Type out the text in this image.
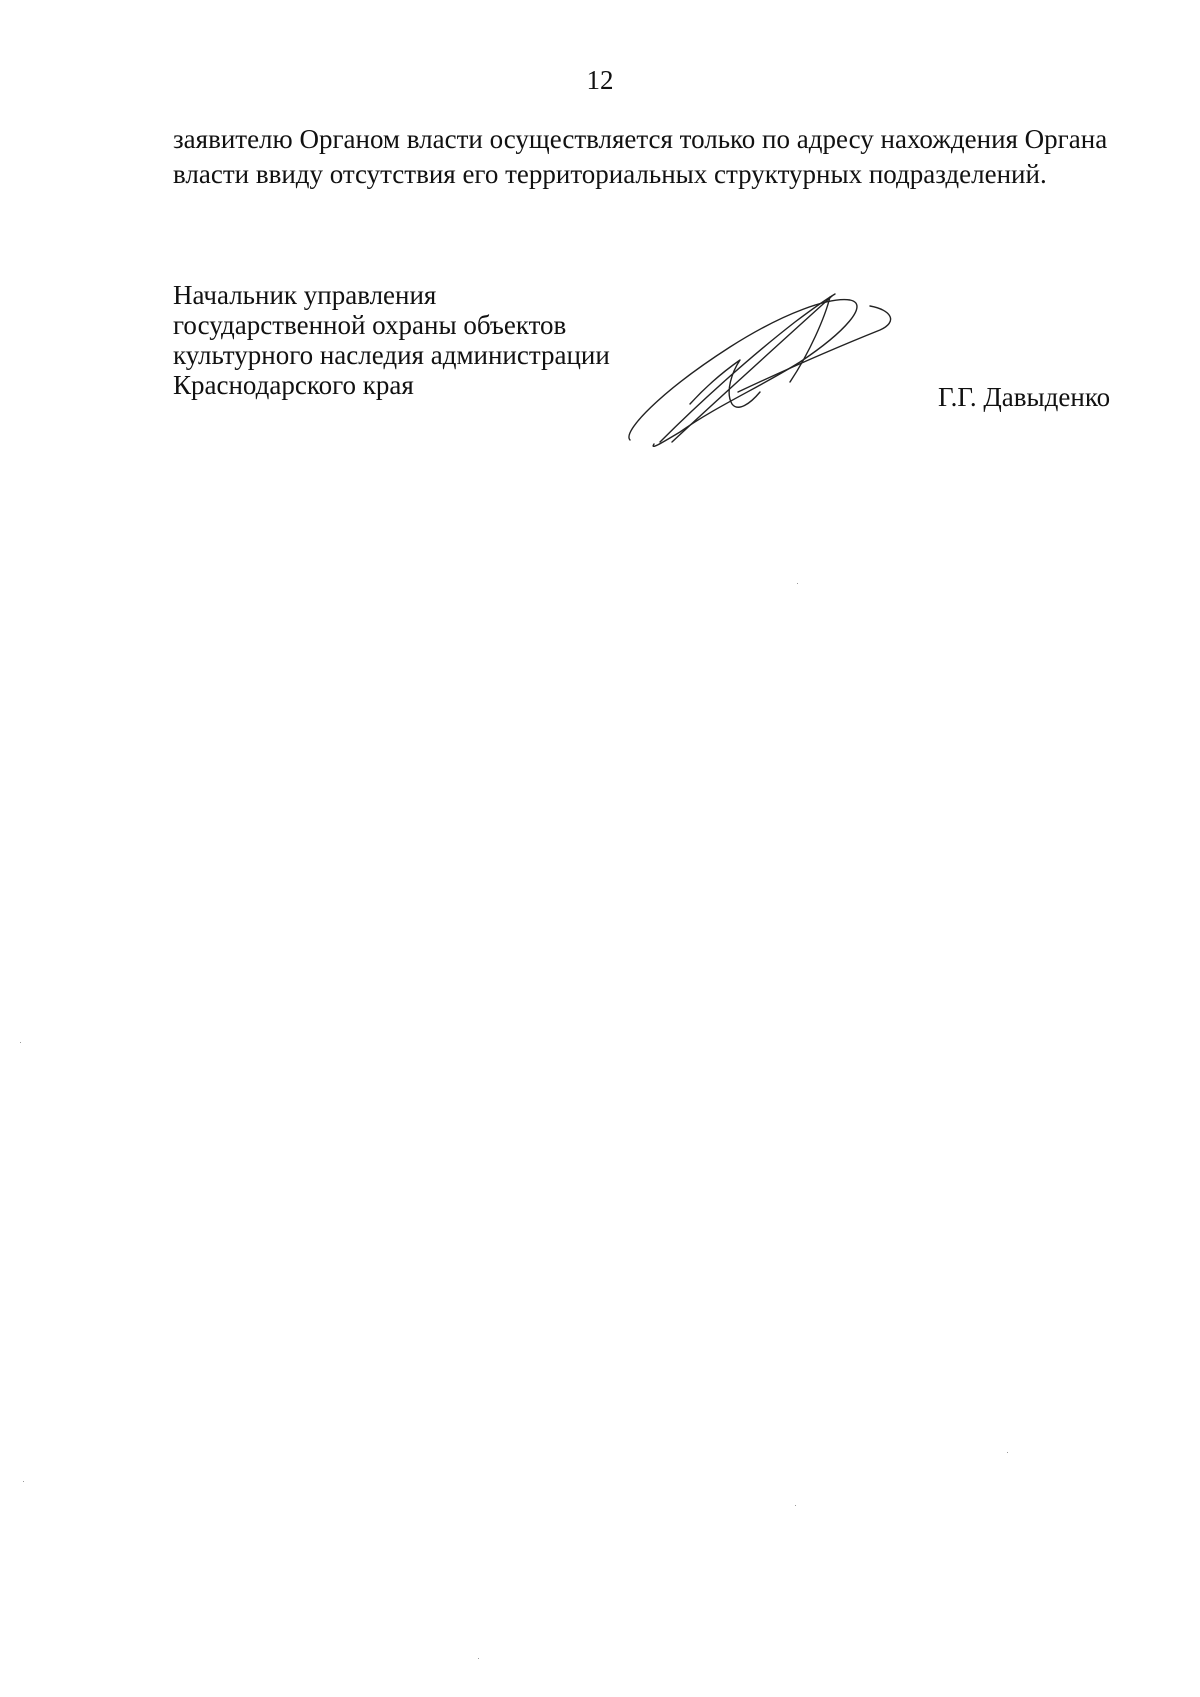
12
заявителю Органом власти осуществляется только по адресу нахождения Органа
власти ввиду отсутствия его территориальных структурных подразделений.
Начальник управления
государственной охраны объектов
культурного наследия администрации
Краснодарского края	Г.Г. Давыденко
